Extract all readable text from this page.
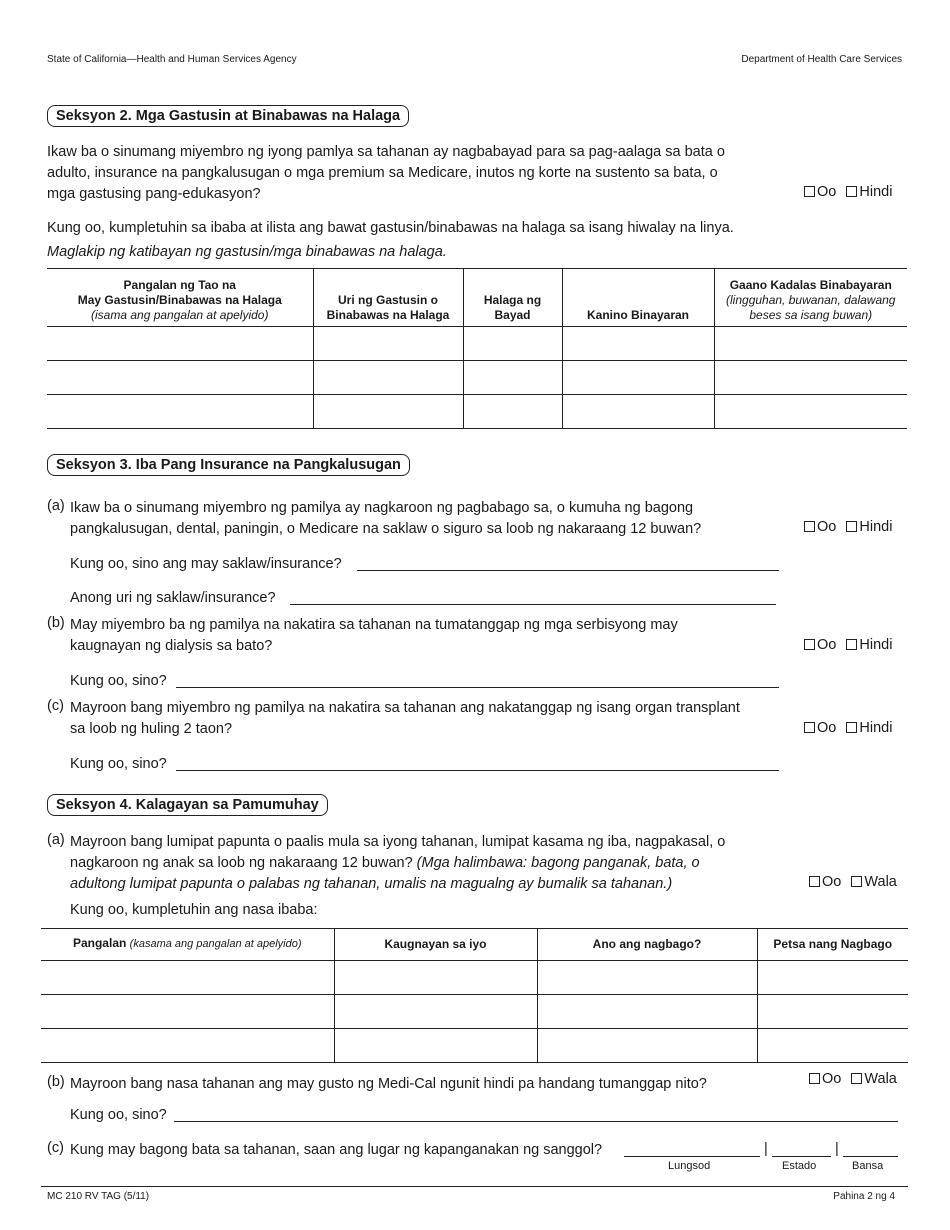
State of California—Health and Human Services Agency	Department of Health Care Services
Seksyon 2. Mga Gastusin at Binabawas na Halaga
Ikaw ba o sinumang miyembro ng iyong pamlya sa tahanan ay nagbabayad para sa pag-aalaga sa bata o adulto, insurance na pangkalusugan o mga premium sa Medicare, inutos ng korte na sustento sa bata, o mga gastusing pang-edukasyon?	Oo Hindi
Kung oo, kumpletuhin sa ibaba at ilista ang bawat gastusin/binabawas na halaga sa isang hiwalay na linya.
Maglakip ng katibayan ng gastusin/mga binabawas na halaga.
Pangalan ng Tao na
May Gastusin/Binabawas na Halaga
(isama ang pangalan at apelyido)	Uri ng Gastusin o
Binabawas na Halaga	Halaga ng
Bayad	Kanino Binayaran	Gaano Kadalas Binabayaran
(lingguhan, buwanan, dalawang beses sa isang buwan)

Seksyon 3. Iba Pang Insurance na Pangkalusugan
(a) Ikaw ba o sinumang miyembro ng pamilya ay nagkaroon ng pagbabago sa, o kumuha ng bagong pangkalusugan, dental, paningin, o Medicare na saklaw o siguro sa loob ng nakaraang 12 buwan?	Oo Hindi
Kung oo, sino ang may saklaw/insurance?
Anong uri ng saklaw/insurance?
(b) May miyembro ba ng pamilya na nakatira sa tahanan na tumatanggap ng mga serbisyong may kaugnayan ng dialysis sa bato?	Oo Hindi
Kung oo, sino?
(c) Mayroon bang miyembro ng pamilya na nakatira sa tahanan ang nakatanggap ng isang organ transplant sa loob ng huling 2 taon?	Oo Hindi
Kung oo, sino?
Seksyon 4. Kalagayan sa Pamumuhay
(a) Mayroon bang lumipat papunta o paalis mula sa iyong tahanan, lumipat kasama ng iba, nagpakasal, o nagkaroon ng anak sa loob ng nakaraang 12 buwan? (Mga halimbawa: bagong panganak, bata, o adultong lumipat papunta o palabas ng tahanan, umalis na magualng ay bumalik sa tahanan.)	Oo Wala
Kung oo, kumpletuhin ang nasa ibaba:
Pangalan (kasama ang pangalan at apelyido)	Kaugnayan sa iyo	Ano ang nagbago?	Petsa nang Nagbago

(b) Mayroon bang nasa tahanan ang may gusto ng Medi-Cal ngunit hindi pa handang tumanggap nito?	Oo Wala
Kung oo, sino?
(c) Kung may bagong bata sa tahanan, saan ang lugar ng kapanganakan ng sanggol?	|	|
Lungsod	Estado	Bansa
MC 210 RV TAG (5/11)	Pahina 2 ng 4
